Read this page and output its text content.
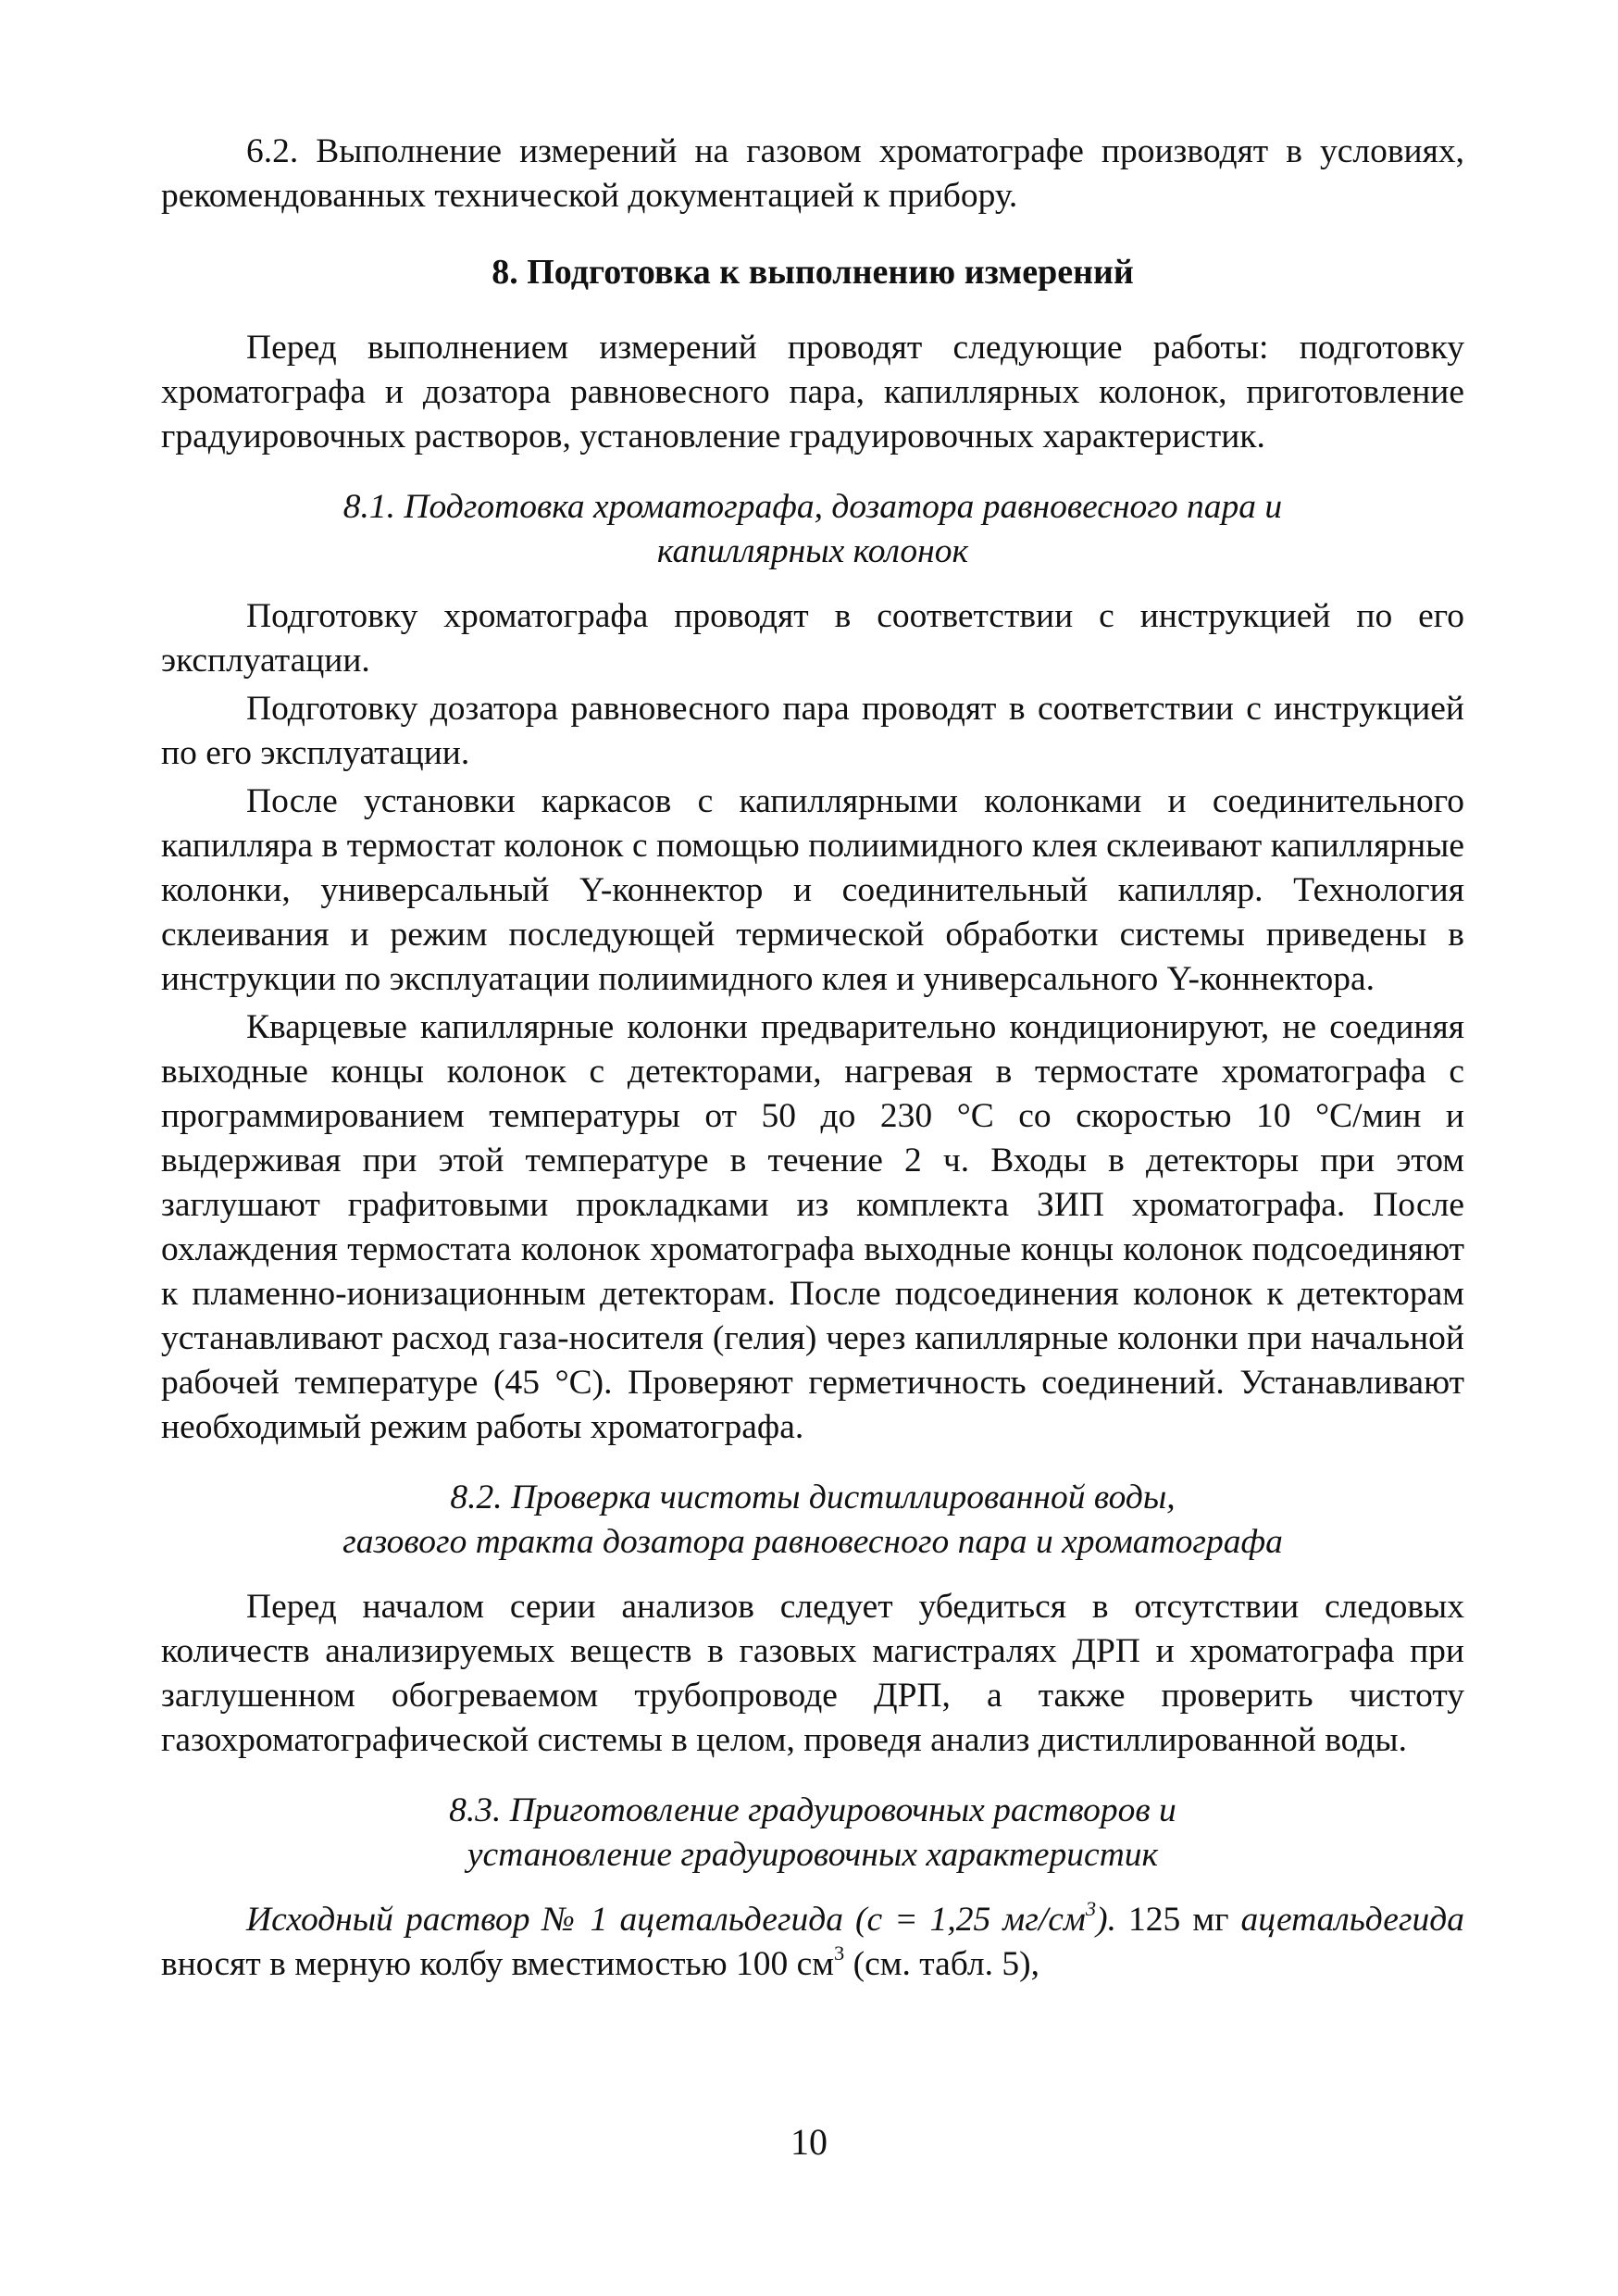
6.2. Выполнение измерений на газовом хроматографе производят в условиях, рекомендованных технической документацией к прибору.

8. Подготовка к выполнению измерений

Перед выполнением измерений проводят следующие работы: подготовку хроматографа и дозатора равновесного пара, капиллярных колонок, приготовление градуировочных растворов, установление градуировочных характеристик.

8.1. Подготовка хроматографа, дозатора равновесного пара и
капиллярных колонок

Подготовку хроматографа проводят в соответствии с инструкцией по его эксплуатации.

Подготовку дозатора равновесного пара проводят в соответствии с инструкцией по его эксплуатации.

После установки каркасов с капиллярными колонками и соединительного капилляра в термостат колонок с помощью полиимидного клея склеивают капиллярные колонки, универсальный Y-коннектор и соединительный капилляр. Технология склеивания и режим последующей термической обработки системы приведены в инструкции по эксплуатации полиимидного клея и универсального Y-коннектора.

Кварцевые капиллярные колонки предварительно кондиционируют, не соединяя выходные концы колонок с детекторами, нагревая в термостате хроматографа с программированием температуры от 50 до 230 °С со скоростью 10 °С/мин и выдерживая при этой температуре в течение 2 ч. Входы в детекторы при этом заглушают графитовыми прокладками из комплекта ЗИП хроматографа. После охлаждения термостата колонок хроматографа выходные концы колонок подсоединяют к пламенно-ионизационным детекторам. После подсоединения колонок к детекторам устанавливают расход газа-носителя (гелия) через капиллярные колонки при начальной рабочей температуре (45 °С). Проверяют герметичность соединений. Устанавливают необходимый режим работы хроматографа.

8.2. Проверка чистоты дистиллированной воды,
газового тракта дозатора равновесного пара и хроматографа

Перед началом серии анализов следует убедиться в отсутствии следовых количеств анализируемых веществ в газовых магистралях ДРП и хроматографа при заглушенном обогреваемом трубопроводе ДРП, а также проверить чистоту газохроматографической системы в целом, проведя анализ дистиллированной воды.

8.3. Приготовление градуировочных растворов и
установление градуировочных характеристик

Исходный раствор № 1 ацетальдегида (с = 1,25 $мг/см^3$). 125 мг ацетальдегида вносят в мерную колбу вместимостью 100 $см^3$ (см. табл. 5),

10
